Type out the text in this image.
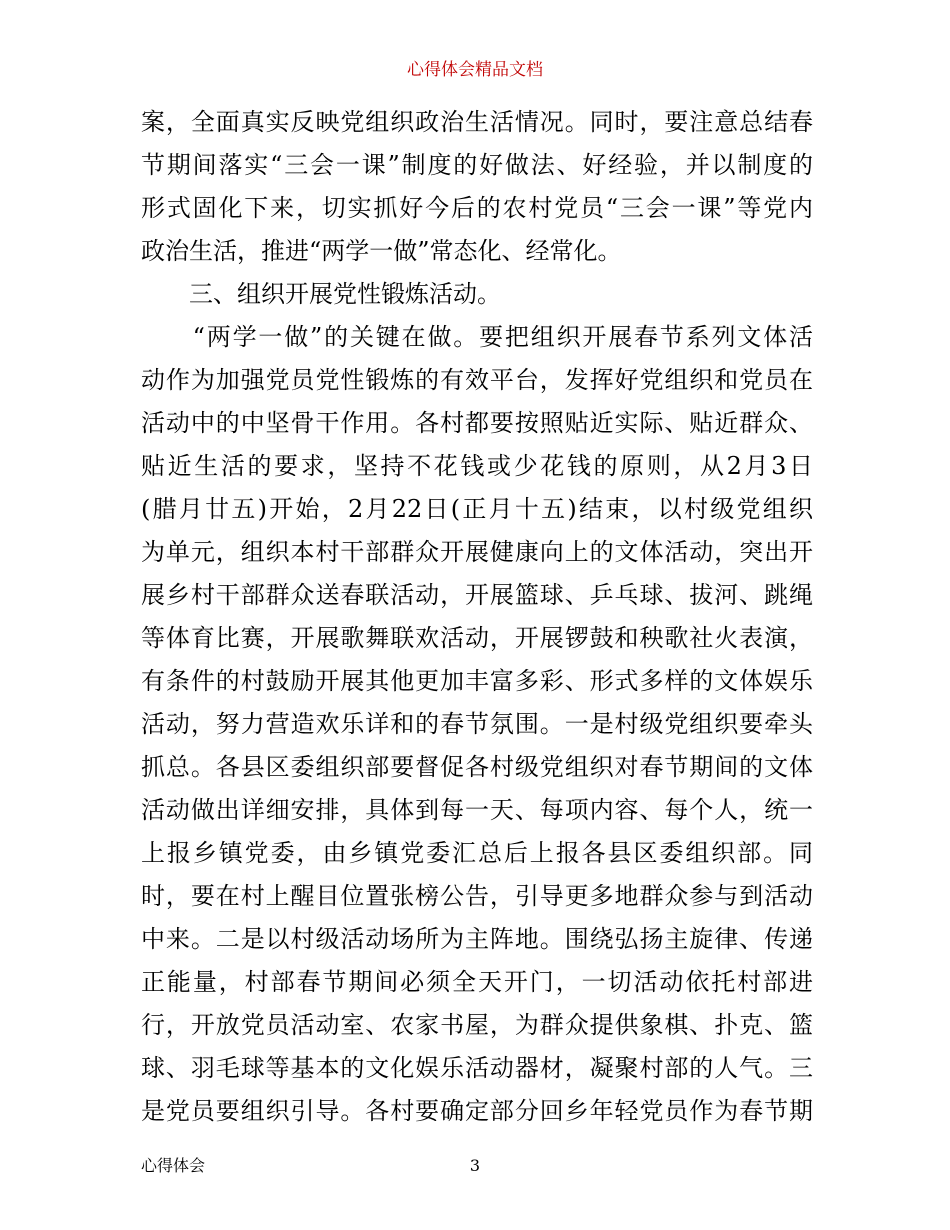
心得体会精品文档
案，全面真实反映党组织政治生活情况。同时，要注意总结春
节期间落实“三会一课”制度的好做法、好经验，并以制度的
形式固化下来，切实抓好今后的农村党员“三会一课”等党内
政治生活，推进“两学一做”常态化、经常化。
　　三、组织开展党性锻炼活动。
　　“两学一做”的关键在做。要把组织开展春节系列文体活
动作为加强党员党性锻炼的有效平台，发挥好党组织和党员在
活动中的中坚骨干作用。各村都要按照贴近实际、贴近群众、
贴近生活的要求，坚持不花钱或少花钱的原则，从2月3日
(腊月廿五)开始，2月22日(正月十五)结束，以村级党组织
为单元，组织本村干部群众开展健康向上的文体活动，突出开
展乡村干部群众送春联活动，开展篮球、乒乓球、拔河、跳绳
等体育比赛，开展歌舞联欢活动，开展锣鼓和秧歌社火表演，
有条件的村鼓励开展其他更加丰富多彩、形式多样的文体娱乐
活动，努力营造欢乐详和的春节氛围。一是村级党组织要牵头
抓总。各县区委组织部要督促各村级党组织对春节期间的文体
活动做出详细安排，具体到每一天、每项内容、每个人，统一
上报乡镇党委，由乡镇党委汇总后上报各县区委组织部。同
时，要在村上醒目位置张榜公告，引导更多地群众参与到活动
中来。二是以村级活动场所为主阵地。围绕弘扬主旋律、传递
正能量，村部春节期间必须全天开门，一切活动依托村部进
行，开放党员活动室、农家书屋，为群众提供象棋、扑克、篮
球、羽毛球等基本的文化娱乐活动器材，凝聚村部的人气。三
是党员要组织引导。各村要确定部分回乡年轻党员作为春节期
心得体会	3
